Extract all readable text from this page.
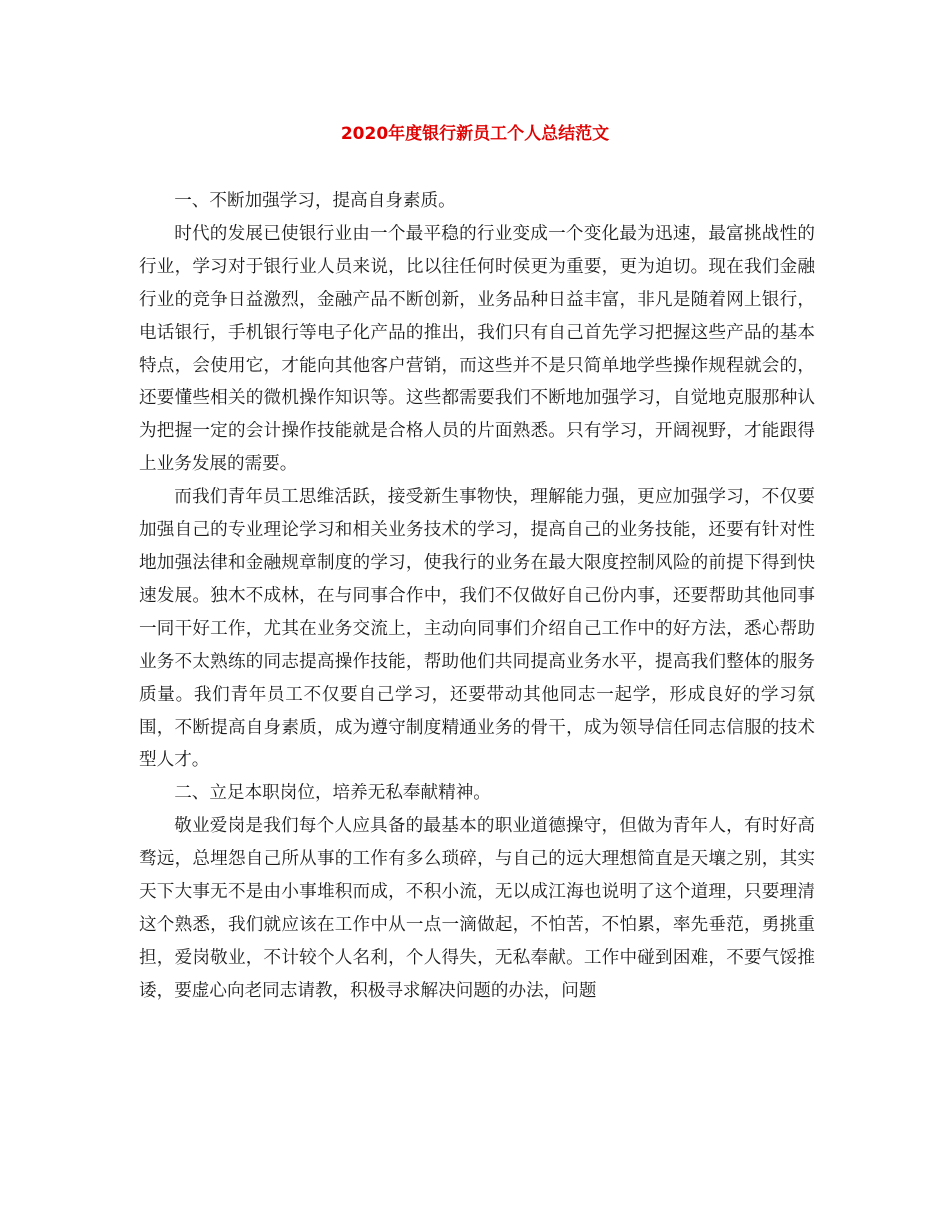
2020年度银行新员工个人总结范文

一、不断加强学习，提高自身素质。

时代的发展已使银行业由一个最平稳的行业变成一个变化最为迅速，最富挑战性的行业，学习对于银行业人员来说，比以往任何时侯更为重要，更为迫切。现在我们金融行业的竞争日益激烈，金融产品不断创新，业务品种日益丰富，非凡是随着网上银行，电话银行，手机银行等电子化产品的推出，我们只有自己首先学习把握这些产品的基本特点，会使用它，才能向其他客户营销，而这些并不是只简单地学些操作规程就会的，还要懂些相关的微机操作知识等。这些都需要我们不断地加强学习，自觉地克服那种认为把握一定的会计操作技能就是合格人员的片面熟悉。只有学习，开阔视野，才能跟得上业务发展的需要。

而我们青年员工思维活跃，接受新生事物快，理解能力强，更应加强学习，不仅要加强自己的专业理论学习和相关业务技术的学习，提高自己的业务技能，还要有针对性地加强法律和金融规章制度的学习，使我行的业务在最大限度控制风险的前提下得到快速发展。独木不成林，在与同事合作中，我们不仅做好自己份内事，还要帮助其他同事一同干好工作，尤其在业务交流上，主动向同事们介绍自己工作中的好方法，悉心帮助业务不太熟练的同志提高操作技能，帮助他们共同提高业务水平，提高我们整体的服务质量。我们青年员工不仅要自己学习，还要带动其他同志一起学，形成良好的学习氛围，不断提高自身素质，成为遵守制度精通业务的骨干，成为领导信任同志信服的技术型人才。

二、立足本职岗位，培养无私奉献精神。

敬业爱岗是我们每个人应具备的最基本的职业道德操守，但做为青年人，有时好高骛远，总埋怨自己所从事的工作有多么琐碎，与自己的远大理想简直是天壤之别，其实天下大事无不是由小事堆积而成，不积小流，无以成江海也说明了这个道理，只要理清这个熟悉，我们就应该在工作中从一点一滴做起，不怕苦，不怕累，率先垂范，勇挑重担，爱岗敬业，不计较个人名利，个人得失，无私奉献。工作中碰到困难，不要气馁推诿，要虚心向老同志请教，积极寻求解决问题的办法，问题
